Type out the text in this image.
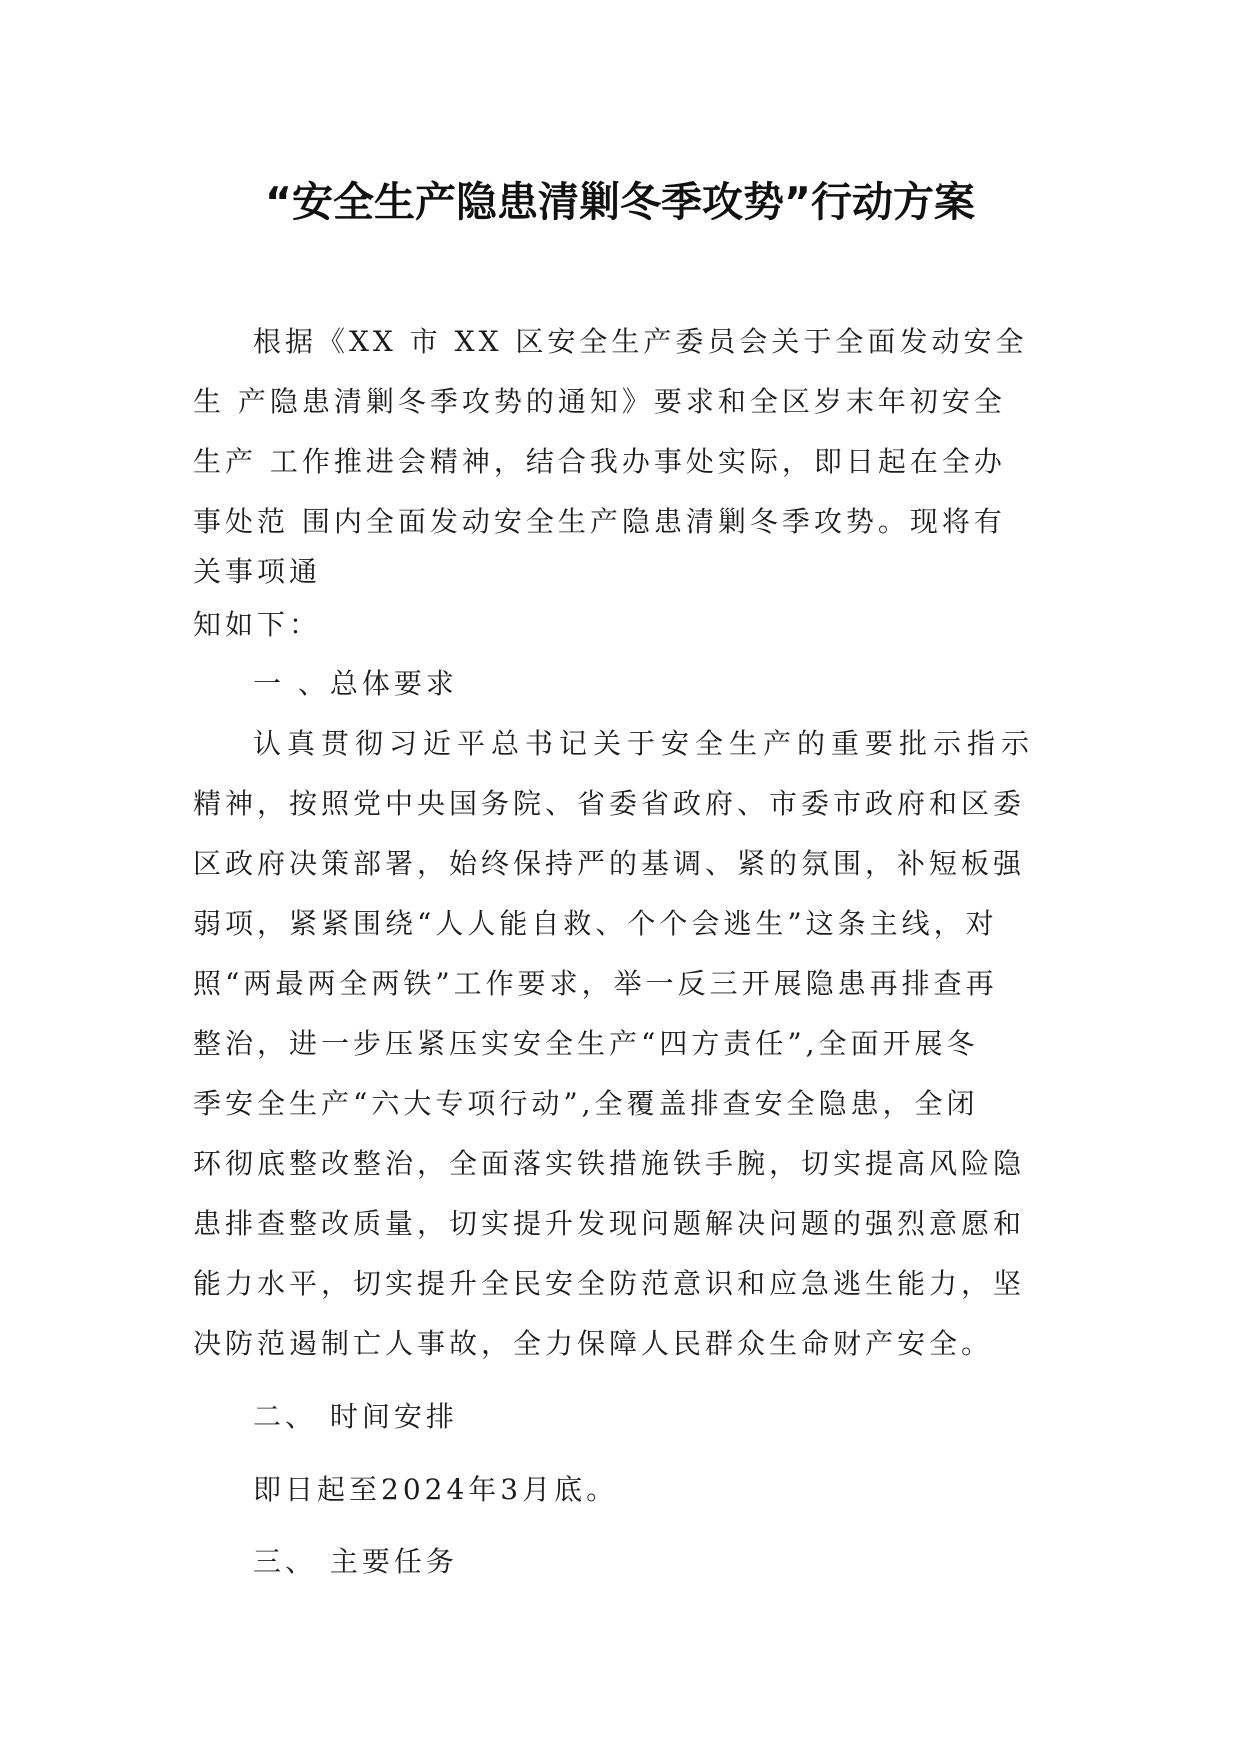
“安全生产隐患清剿冬季攻势”行动方案
根据《XX 市 XX 区安全生产委员会关于全面发动安全
生 产隐患清剿冬季攻势的通知》要求和全区岁末年初安全
生产 工作推进会精神，结合我办事处实际，即日起在全办
事处范 围内全面发动安全生产隐患清剿冬季攻势。现将有
关事项通
知如下：
一 、总体要求
认真贯彻习近平总书记关于安全生产的重要批示指示
精神，按照党中央国务院、省委省政府、市委市政府和区委
区政府决策部署，始终保持严的基调、紧的氛围，补短板强
弱项，紧紧围绕“人人能自救、个个会逃生”这条主线，对
照“两最两全两铁”工作要求，举一反三开展隐患再排查再
整治，进一步压紧压实安全生产“四方责任”,全面开展冬
季安全生产“六大专项行动”,全覆盖排查安全隐患，全闭
环彻底整改整治，全面落实铁措施铁手腕，切实提高风险隐
患排查整改质量，切实提升发现问题解决问题的强烈意愿和
能力水平，切实提升全民安全防范意识和应急逃生能力，坚
决防范遏制亡人事故，全力保障人民群众生命财产安全。
二、 时间安排
即日起至2024年3月底。
三、 主要任务
